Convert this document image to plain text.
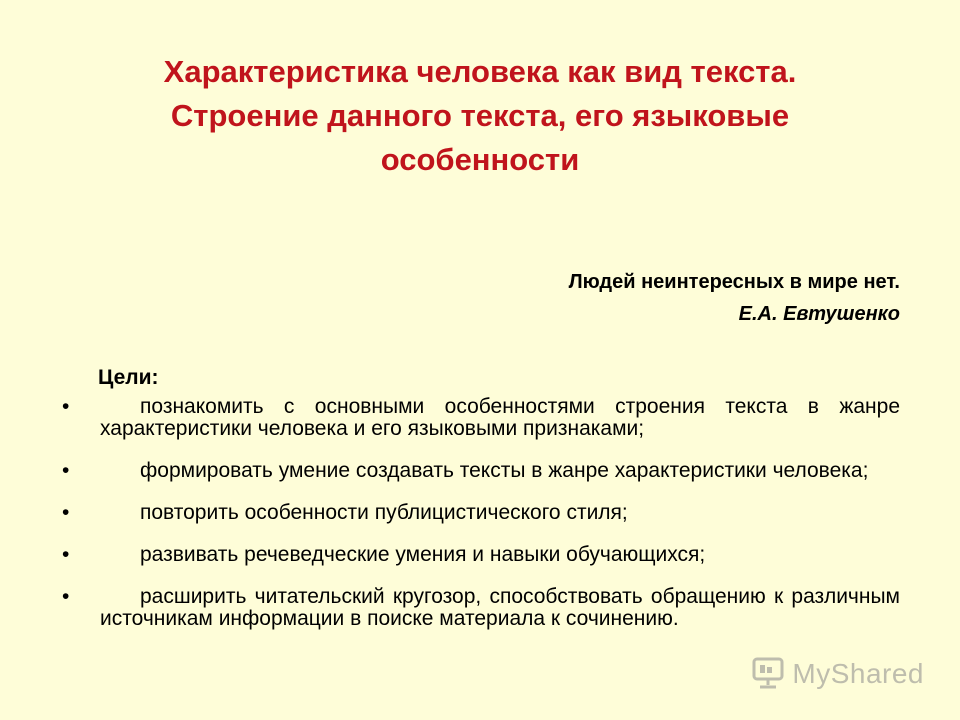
Характеристика человека как вид текста.
Строение данного текста, его языковые
особенности
Людей неинтересных в мире нет.
Е.А. Евтушенко
Цели:
•	познакомить с основными особенностями строения текста в жанре характеристики человека и его языковыми признаками;
•	формировать умение создавать тексты в жанре характеристики человека;
•	повторить особенности публицистического стиля;
•	развивать речеведческие умения и навыки обучающихся;
•	расширить читательский кругозор, способствовать обращению к различным источникам информации в поиске материала к сочинению.
MyShared
